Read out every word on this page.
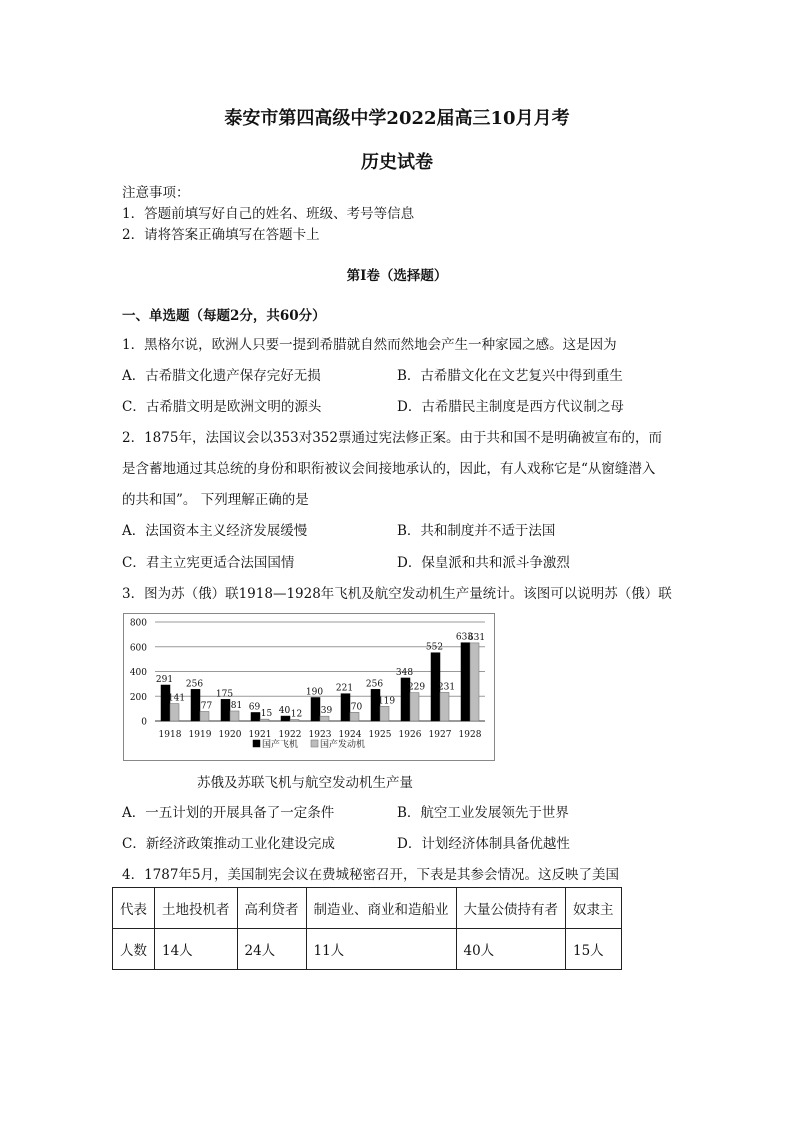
泰安市第四高级中学2022届高三10月月考
历史试卷
注意事项：
1．答题前填写好自己的姓名、班级、考号等信息
2．请将答案正确填写在答题卡上
第I卷（选择题）
一、单选题（每题2分，共60分）
1．黑格尔说，欧洲人只要一提到希腊就自然而然地会产生一种家园之感。这是因为
A．古希腊文化遗产保存完好无损	B．古希腊文化在文艺复兴中得到重生
C．古希腊文明是欧洲文明的源头	D．古希腊民主制度是西方代议制之母
2．1875年，法国议会以353对352票通过宪法修正案。由于共和国不是明确被宣布的，而
是含蓄地通过其总统的身份和职衔被议会间接地承认的，因此，有人戏称它是“从窗缝潜入
的共和国”。 下列理解正确的是
A．法国资本主义经济发展缓慢	B．共和制度并不适于法国
C．君主立宪更适合法国国情	D．保皇派和共和派斗争激烈
3．图为苏（俄）联1918—1928年飞机及航空发动机生产量统计。该图可以说明苏（俄）联
0
200
400
600
800
291
141
1918
256
77
1919
175
81
1920
69
15
1921
40 12
1922
190
39
1923
221
70
1924
256
119
1925
348
229
1926
552
231
1927
633
631
1928
国产飞机 国产发动机
苏俄及苏联飞机与航空发动机生产量
A．一五计划的开展具备了一定条件	B．航空工业发展领先于世界
C．新经济政策推动工业化建设完成	D．计划经济体制具备优越性
4．1787年5月，美国制宪会议在费城秘密召开，下表是其参会情况。这反映了美国
代表	土地投机者	高利贷者	制造业、商业和造船业	大量公债持有者	奴隶主
人数	14人	24人	11人	40人	15人
